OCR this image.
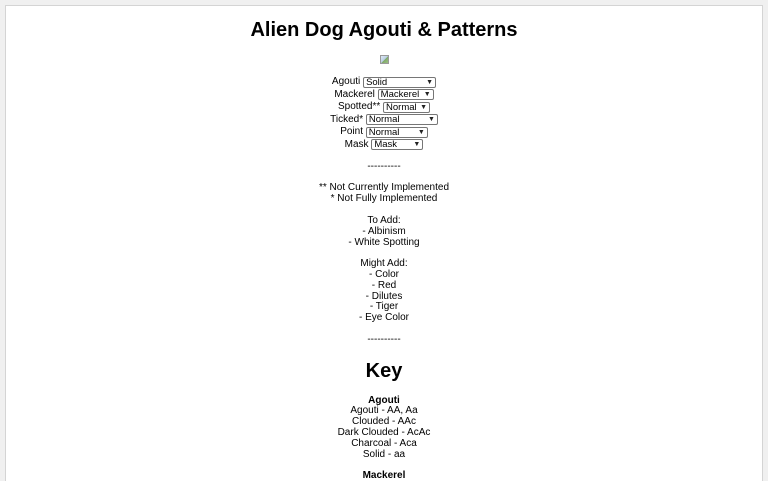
Alien Dog Agouti & Patterns
Agouti Solid	▼
Mackerel Mackerel ▼
Spotted** Normal ▼
Ticked* Normal	▼
Point Normal	▼
Mask Mask ▼
----------
** Not Currently Implemented
* Not Fully Implemented
To Add:
- Albinism
- White Spotting
Might Add:
- Color
- Red
- Dilutes
- Tiger
- Eye Color
----------
Key
Agouti
Agouti - AA, Aa
Clouded - AAc
Dark Clouded - AcAc
Charcoal - Aca
Solid - aa
Mackerel
